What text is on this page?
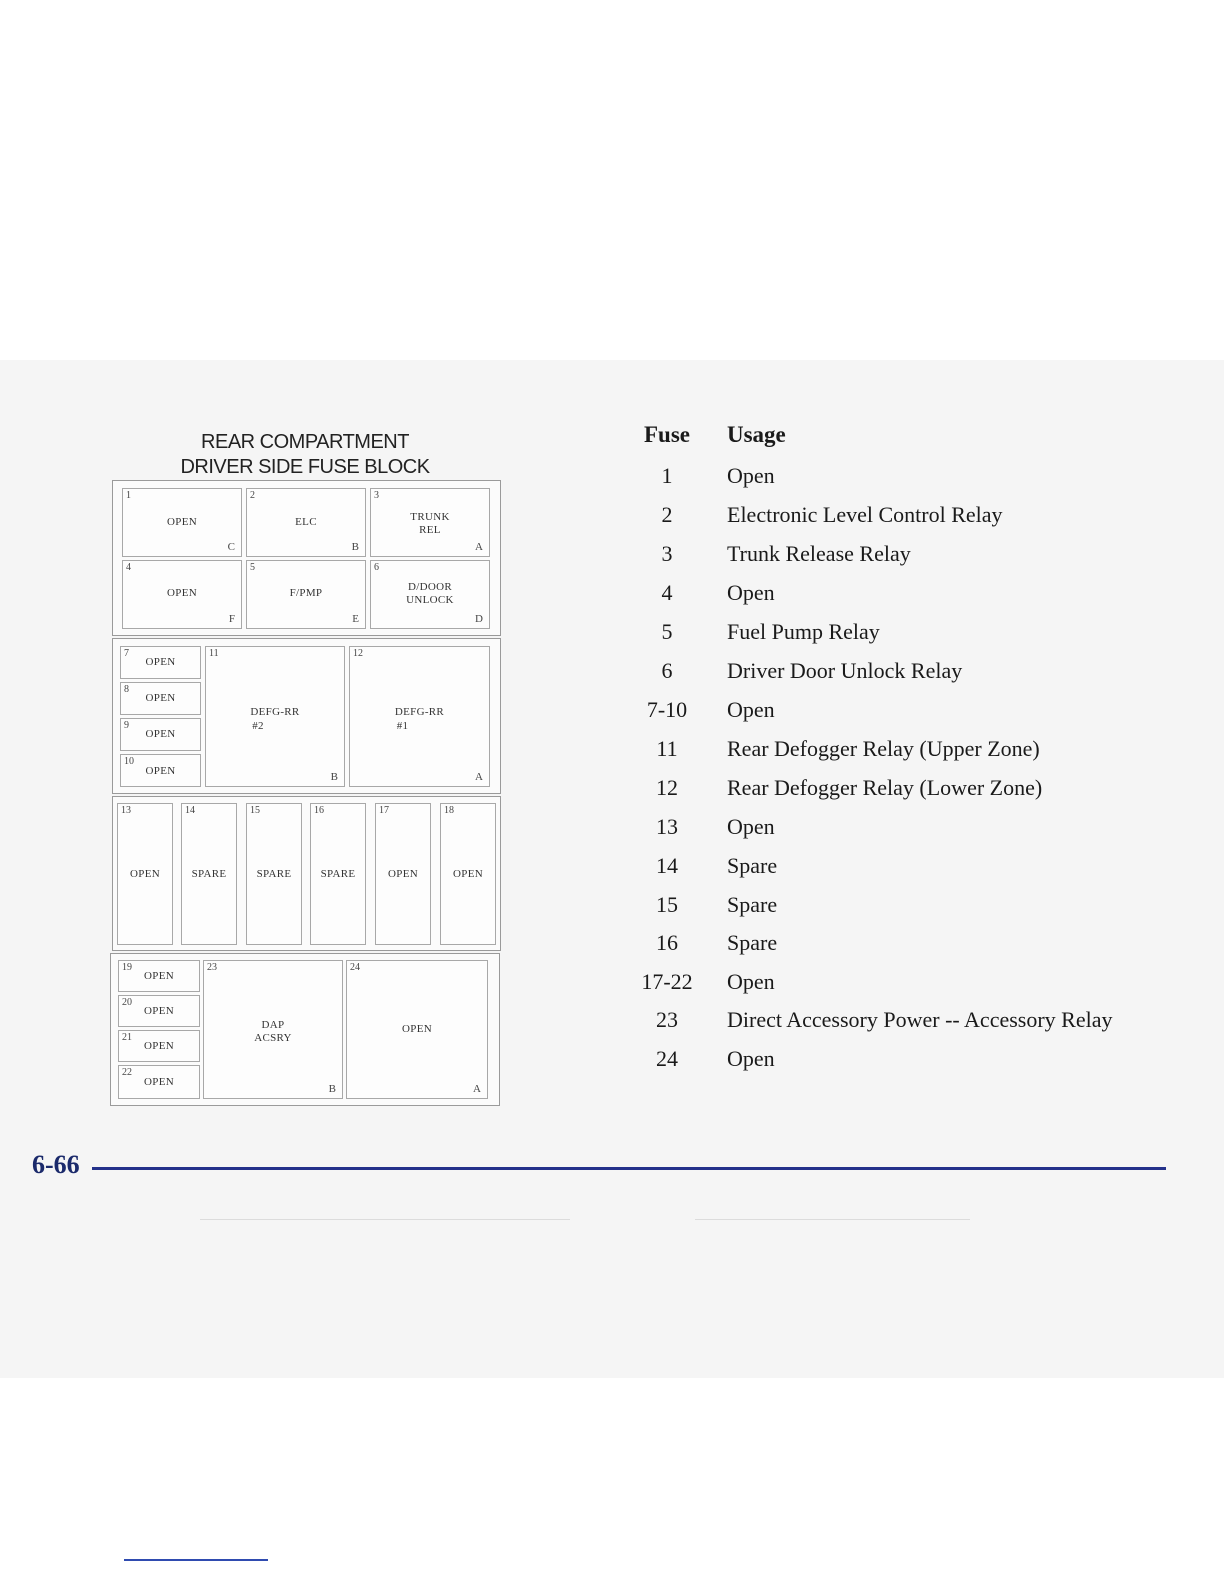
REAR COMPARTMENT
DRIVER SIDE FUSE BLOCK
1
OPEN
C
2
ELC
B
3
TRUNK
REL
A
4
OPEN
F
5
F/PMP
E
6
D/DOOR
UNLOCK
D
7
OPEN
8
OPEN
9
OPEN
10
OPEN
11
DEFG-RR
#2
B
12
DEFG-RR
#1
A
13
OPEN
14
SPARE
15
SPARE
16
SPARE
17
OPEN
18
OPEN
19
OPEN
20
OPEN
21
OPEN
22
OPEN
23
DAP
ACSRY
B
24
OPEN
A
Fuse Usage
1	Open
2	Electronic Level Control Relay
3	Trunk Release Relay
4	Open
5	Fuel Pump Relay
6	Driver Door Unlock Relay
7-10	Open
11	Rear Defogger Relay (Upper Zone)
12	Rear Defogger Relay (Lower Zone)
13	Open
14	Spare
15	Spare
16	Spare
17-22	Open
23	Direct Accessory Power -- Accessory Relay
24	Open
6-66
